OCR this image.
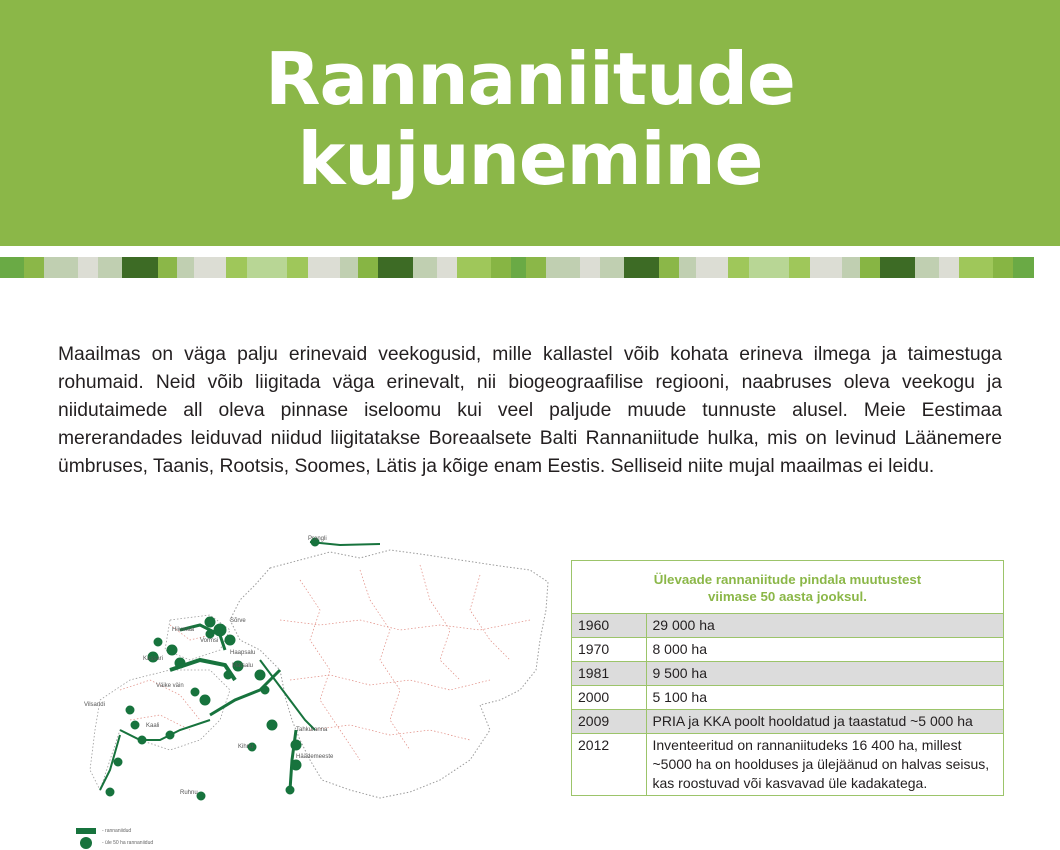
Rannaniitude
kujunemine

Maailmas on väga palju erinevaid veekogusid, mille kallastel võib kohata erineva ilmega ja taimestuga rohumaid. Neid võib liigitada väga erinevalt, nii biogeograafilise regiooni, naabruses oleva veekogu ja niidutaimede all oleva pinnase iseloomu kui veel paljude muude tunnuste alusel. Meie Eestimaa mererandades leiduvad niidud liigitatakse Boreaalsete Balti Rannaniitude hulka, mis on levinud Läänemere ümbruses, Taanis, Rootsis, Soomes, Lätis ja kõige enam Eestis. Selliseid niite mujal maailmas ei leidu.

Prangli
Sõrve
Hiiumaa
Vormsi
Haapsalu
Matsalu
Kassari
Väike väin
Vilsandi
Kaali
Kihnu
Tahkuranna
Häädemeeste
Ruhnu
- rannaniidud
- üle 50 ha rannaniidud
Ülevaade rannaniitude pindala muutustest
viimase 50 aasta jooksul.
1960	29 000 ha
1970	8 000 ha
1981	9 500 ha
2000	5 100 ha
2009	PRIA ja KKA poolt hooldatud ja taastatud ~5 000 ha
2012	Inventeeritud on rannaniitudeks 16 400 ha, millest ~5000 ha on hoolduses ja ülejäänud on halvas seisus, kas roostuvad või kasvavad üle kadakatega.
